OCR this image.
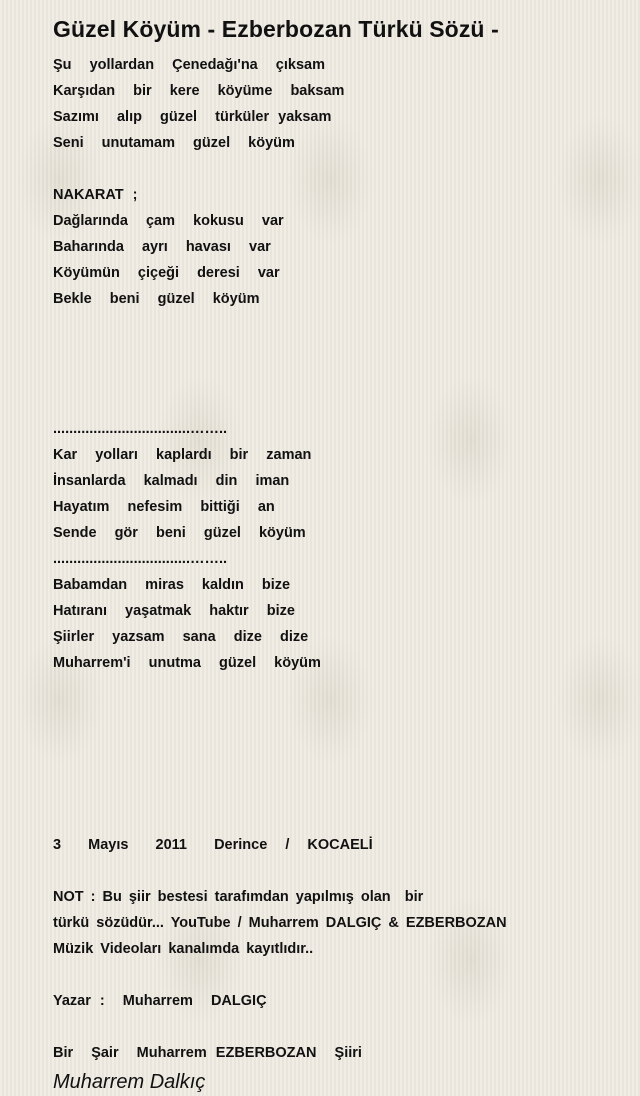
Güzel Köyüm - Ezberbozan Türkü Sözü -
Şu  yollardan  Çenedağı'na  çıksam
Karşıdan  bir  kere  köyüme  baksam
Sazımı  alıp  güzel  türküler yaksam
Seni  unutamam  güzel  köyüm
NAKARAT ;
Dağlarında  çam  kokusu  var
Baharında  ayrı  havası  var
Köyümün  çiçeği  deresi  var
Bekle  beni  güzel  köyüm
..................................……..
Kar  yolları  kaplardı  bir  zaman
İnsanlarda  kalmadı  din  iman
Hayatım  nefesim  bittiği  an
Sende  gör  beni  güzel  köyüm
..................................……..
Babamdan  miras  kaldın  bize
Hatıranı  yaşatmak  haktır  bize
Şiirler  yazsam  sana  dize  dize
Muharrem'i  unutma  güzel  köyüm
3   Mayıs   2011   Derince  /  KOCAELİ
NOT : Bu şiir bestesi tarafımdan yapılmış olan  bir
türkü sözüdür... YouTube / Muharrem DALGIÇ & EZBERBOZAN
Müzik Videoları kanalımda kayıtlıdır..
Yazar :  Muharrem  DALGIÇ
Bir  Şair  Muharrem EZBERBOZAN  Şiiri
Muharrem Dalkıç
